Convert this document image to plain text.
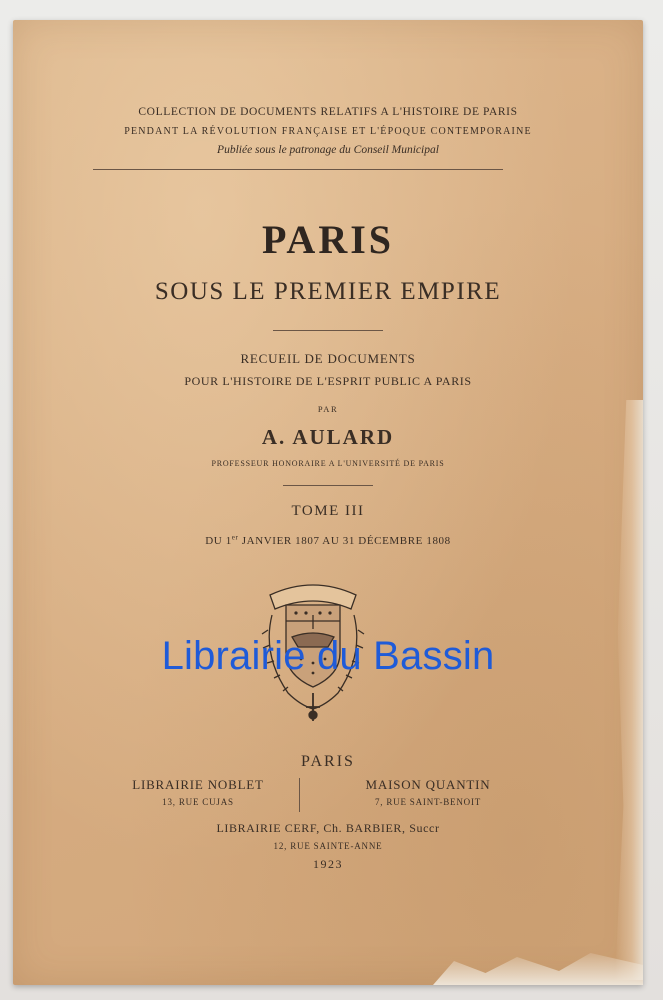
COLLECTION DE DOCUMENTS RELATIFS A L'HISTOIRE DE PARIS
PENDANT LA RÉVOLUTION FRANÇAISE ET L'ÉPOQUE CONTEMPORAINE
Publiée sous le patronage du Conseil Municipal
PARIS
SOUS LE PREMIER EMPIRE
RECUEIL DE DOCUMENTS
POUR L'HISTOIRE DE L'ESPRIT PUBLIC A PARIS
PAR
A. AULARD
PROFESSEUR HONORAIRE A L'UNIVERSITÉ DE PARIS
TOME III
DU 1er JANVIER 1807 AU 31 DÉCEMBRE 1808
Librairie du Bassin
PARIS
LIBRAIRIE NOBLET
13, RUE CUJAS
MAISON QUANTIN
7, RUE SAINT-BENOIT
LIBRAIRIE CERF, Ch. BARBIER, Succr
12, RUE SAINTE-ANNE
1923
